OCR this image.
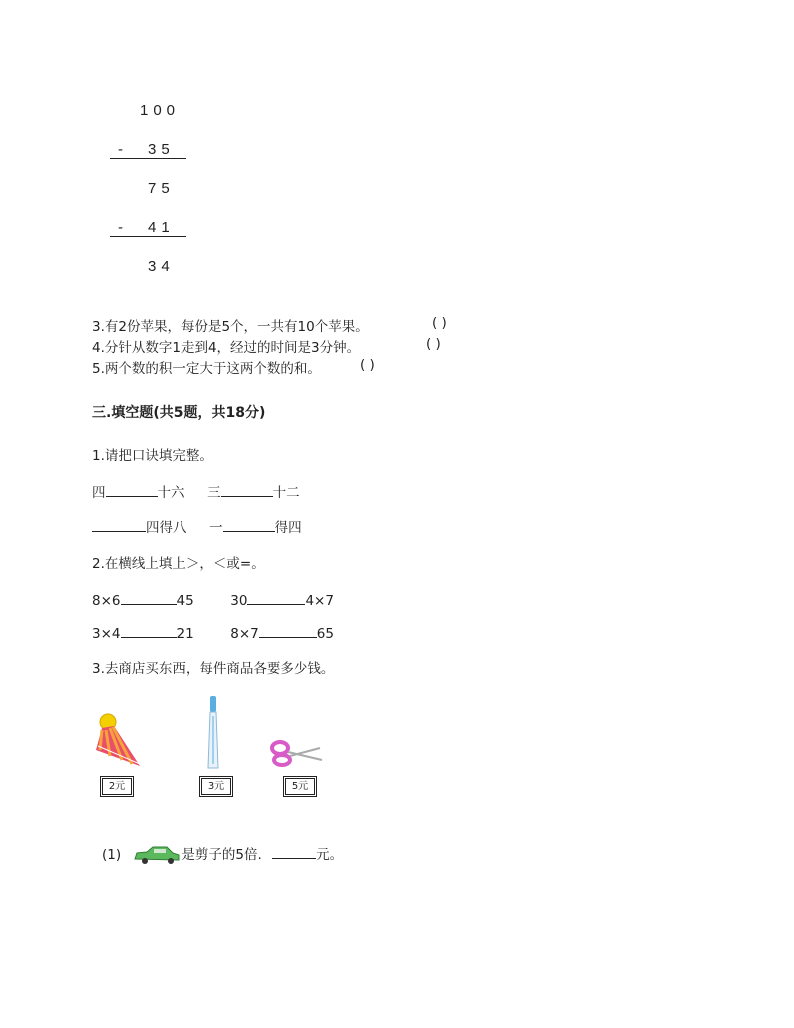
100
- 35
75
- 41
34
3.有2份苹果，每份是5个，一共有10个苹果。	( )
4.分针从数字1走到4，经过的时间是3分钟。	( )
5.两个数的积一定大于这两个数的和。	( )
三.填空题(共5题，共18分)
1.请把口诀填完整。
四	十六 三	十二
四得八 一	得四
2.在横线上填上＞，＜或=。
8×6	45	30	4×7
3×4	21	8×7	65
3.去商店买东西，每件商品各要多少钱。
2元	3元	5元
(1)	是剪子的5倍.	元。
